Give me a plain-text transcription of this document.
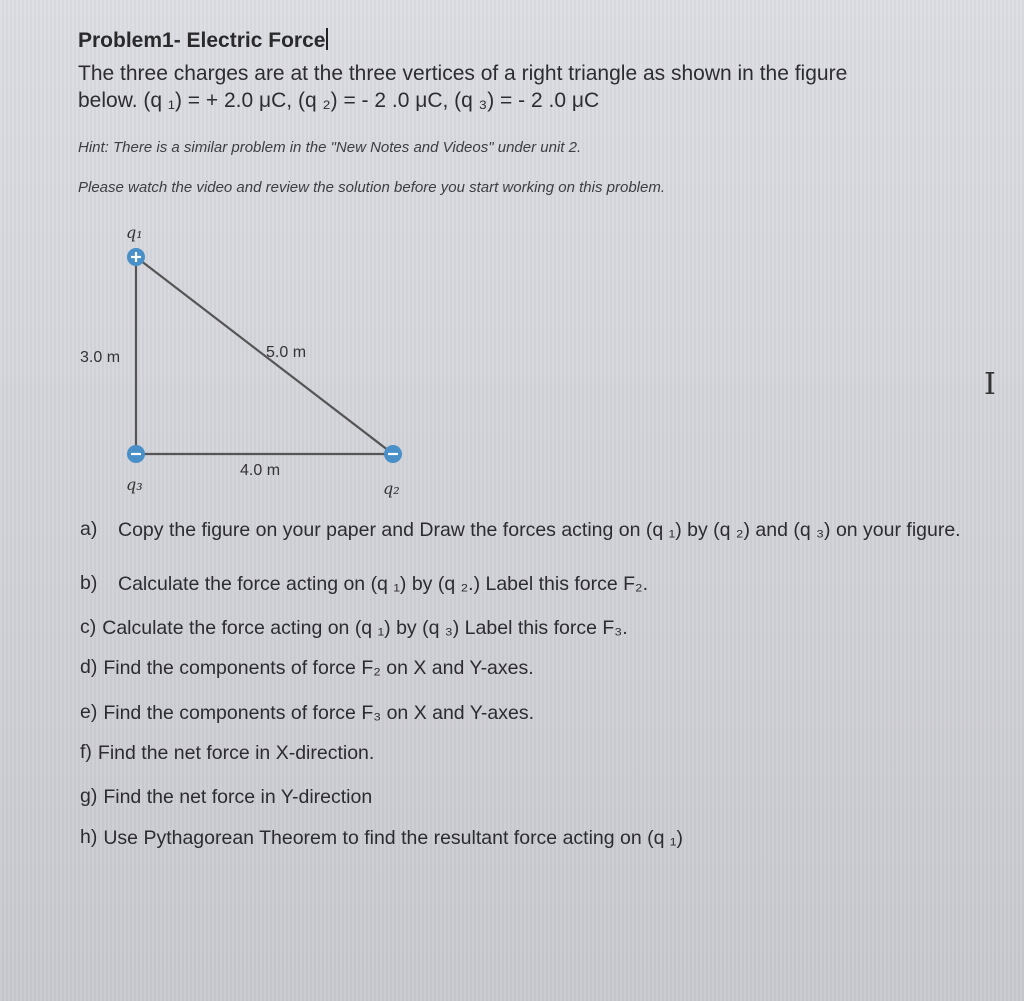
Problem1- Electric Force
The three charges are at the three vertices of a right triangle as shown in the figure
below. (q ₁) = + 2.0 μC, (q ₂) = - 2 .0 μC, (q ₃) = - 2 .0 μC
Hint: There is a similar problem in the "New Notes and Videos" under unit 2.
Please watch the video and review the solution before you start working on this problem.
q₁
q₃	q₂
3.0 m	5.0 m
4.0 m
a)	Copy the figure on your paper and Draw the forces acting on (q ₁) by (q ₂) and (q ₃) on your figure.
b)	Calculate the force acting on (q ₁) by (q ₂.) Label this force F₂.
c) Calculate the force acting on (q ₁) by (q ₃) Label this force F₃.
d) Find the components of force F₂ on X and Y-axes.
e) Find the components of force F₃ on X and Y-axes.
f) Find the net force in X-direction.
g) Find the net force in Y-direction
h) Use Pythagorean Theorem to find the resultant force acting on (q ₁)
I
